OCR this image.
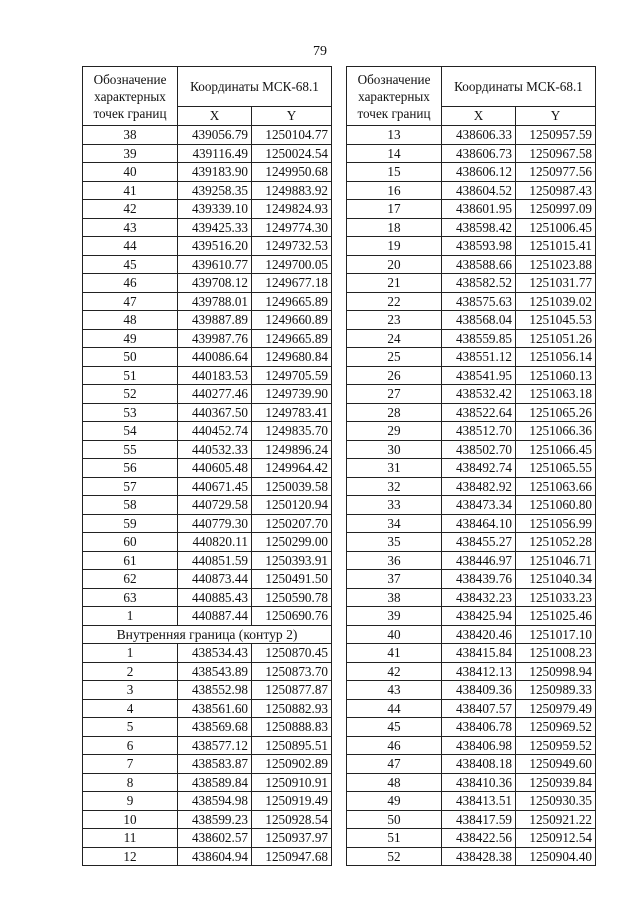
79
Обозначение характерных точек границ	Координаты МСК-68.1	
	X	Y
38	439056.79	1250104.77
39	439116.49	1250024.54
40	439183.90	1249950.68
41	439258.35	1249883.92
42	439339.10	1249824.93
43	439425.33	1249774.30
44	439516.20	1249732.53
45	439610.77	1249700.05
46	439708.12	1249677.18
47	439788.01	1249665.89
48	439887.89	1249660.89
49	439987.76	1249665.89
50	440086.64	1249680.84
51	440183.53	1249705.59
52	440277.46	1249739.90
53	440367.50	1249783.41
54	440452.74	1249835.70
55	440532.33	1249896.24
56	440605.48	1249964.42
57	440671.45	1250039.58
58	440729.58	1250120.94
59	440779.30	1250207.70
60	440820.11	1250299.00
61	440851.59	1250393.91
62	440873.44	1250491.50
63	440885.43	1250590.78
1	440887.44	1250690.76
Внутренняя граница (контур 2)		
1	438534.43	1250870.45
2	438543.89	1250873.70
3	438552.98	1250877.87
4	438561.60	1250882.93
5	438569.68	1250888.83
6	438577.12	1250895.51
7	438583.87	1250902.89
8	438589.84	1250910.91
9	438594.98	1250919.49
10	438599.23	1250928.54
11	438602.57	1250937.97
12	438604.94	1250947.68
Обозначение характерных точек границ	Координаты МСК-68.1	
	X	Y
13	438606.33	1250957.59
14	438606.73	1250967.58
15	438606.12	1250977.56
16	438604.52	1250987.43
17	438601.95	1250997.09
18	438598.42	1251006.45
19	438593.98	1251015.41
20	438588.66	1251023.88
21	438582.52	1251031.77
22	438575.63	1251039.02
23	438568.04	1251045.53
24	438559.85	1251051.26
25	438551.12	1251056.14
26	438541.95	1251060.13
27	438532.42	1251063.18
28	438522.64	1251065.26
29	438512.70	1251066.36
30	438502.70	1251066.45
31	438492.74	1251065.55
32	438482.92	1251063.66
33	438473.34	1251060.80
34	438464.10	1251056.99
35	438455.27	1251052.28
36	438446.97	1251046.71
37	438439.76	1251040.34
38	438432.23	1251033.23
39	438425.94	1251025.46
40	438420.46	1251017.10
41	438415.84	1251008.23
42	438412.13	1250998.94
43	438409.36	1250989.33
44	438407.57	1250979.49
45	438406.78	1250969.52
46	438406.98	1250959.52
47	438408.18	1250949.60
48	438410.36	1250939.84
49	438413.51	1250930.35
50	438417.59	1250921.22
51	438422.56	1250912.54
52	438428.38	1250904.40
